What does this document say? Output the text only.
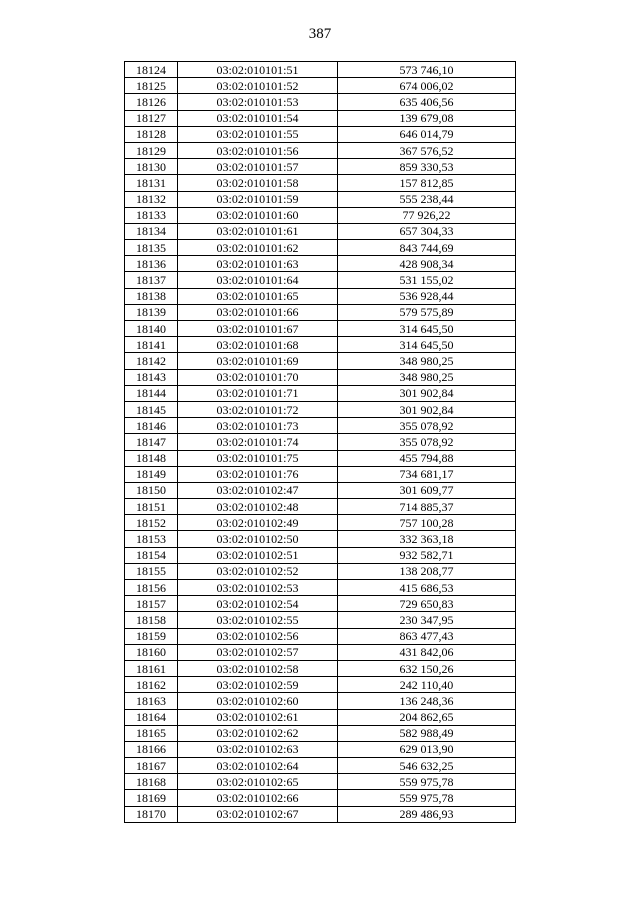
387
18124	03:02:010101:51	573 746,10
18125	03:02:010101:52	674 006,02
18126	03:02:010101:53	635 406,56
18127	03:02:010101:54	139 679,08
18128	03:02:010101:55	646 014,79
18129	03:02:010101:56	367 576,52
18130	03:02:010101:57	859 330,53
18131	03:02:010101:58	157 812,85
18132	03:02:010101:59	555 238,44
18133	03:02:010101:60	77 926,22
18134	03:02:010101:61	657 304,33
18135	03:02:010101:62	843 744,69
18136	03:02:010101:63	428 908,34
18137	03:02:010101:64	531 155,02
18138	03:02:010101:65	536 928,44
18139	03:02:010101:66	579 575,89
18140	03:02:010101:67	314 645,50
18141	03:02:010101:68	314 645,50
18142	03:02:010101:69	348 980,25
18143	03:02:010101:70	348 980,25
18144	03:02:010101:71	301 902,84
18145	03:02:010101:72	301 902,84
18146	03:02:010101:73	355 078,92
18147	03:02:010101:74	355 078,92
18148	03:02:010101:75	455 794,88
18149	03:02:010101:76	734 681,17
18150	03:02:010102:47	301 609,77
18151	03:02:010102:48	714 885,37
18152	03:02:010102:49	757 100,28
18153	03:02:010102:50	332 363,18
18154	03:02:010102:51	932 582,71
18155	03:02:010102:52	138 208,77
18156	03:02:010102:53	415 686,53
18157	03:02:010102:54	729 650,83
18158	03:02:010102:55	230 347,95
18159	03:02:010102:56	863 477,43
18160	03:02:010102:57	431 842,06
18161	03:02:010102:58	632 150,26
18162	03:02:010102:59	242 110,40
18163	03:02:010102:60	136 248,36
18164	03:02:010102:61	204 862,65
18165	03:02:010102:62	582 988,49
18166	03:02:010102:63	629 013,90
18167	03:02:010102:64	546 632,25
18168	03:02:010102:65	559 975,78
18169	03:02:010102:66	559 975,78
18170	03:02:010102:67	289 486,93
